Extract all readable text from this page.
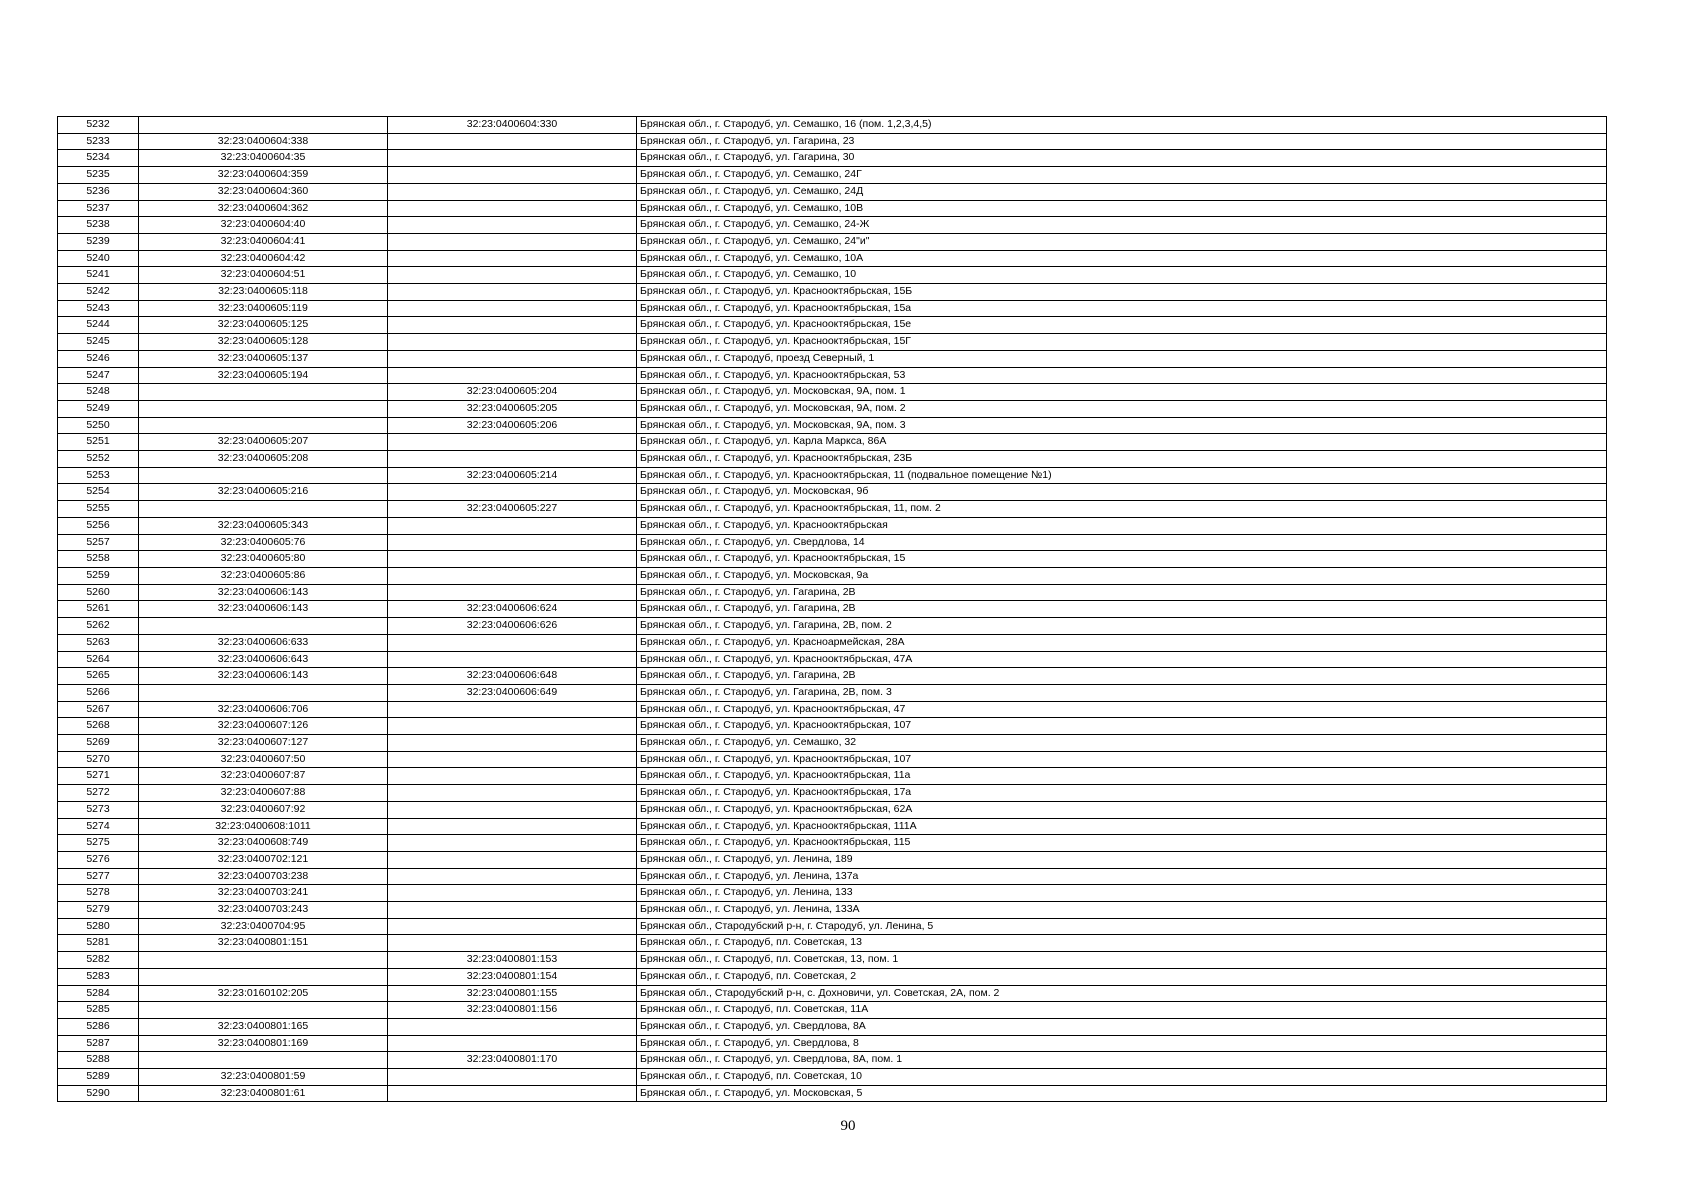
5232		32:23:0400604:330	Брянская обл., г. Стародуб, ул. Семашко, 16 (пом. 1,2,3,4,5)
5233	32:23:0400604:338		Брянская обл., г. Стародуб, ул. Гагарина, 23
5234	32:23:0400604:35		Брянская обл., г. Стародуб, ул. Гагарина, 30
5235	32:23:0400604:359		Брянская обл., г. Стародуб, ул. Семашко, 24Г
5236	32:23:0400604:360		Брянская обл., г. Стародуб, ул. Семашко, 24Д
5237	32:23:0400604:362		Брянская обл., г. Стародуб, ул. Семашко, 10В
5238	32:23:0400604:40		Брянская обл., г. Стародуб, ул. Семашко, 24-Ж
5239	32:23:0400604:41		Брянская обл., г. Стародуб, ул. Семашко, 24"и"
5240	32:23:0400604:42		Брянская обл., г. Стародуб, ул. Семашко, 10А
5241	32:23:0400604:51		Брянская обл., г. Стародуб, ул. Семашко, 10
5242	32:23:0400605:118		Брянская обл., г. Стародуб, ул. Краснооктябрьская, 15Б
5243	32:23:0400605:119		Брянская обл., г. Стародуб, ул. Краснооктябрьская, 15а
5244	32:23:0400605:125		Брянская обл., г. Стародуб, ул. Краснооктябрьская, 15е
5245	32:23:0400605:128		Брянская обл., г. Стародуб, ул. Краснооктябрьская, 15Г
5246	32:23:0400605:137		Брянская обл., г. Стародуб, проезд Северный, 1
5247	32:23:0400605:194		Брянская обл., г. Стародуб, ул. Краснооктябрьская, 53
5248		32:23:0400605:204	Брянская обл., г. Стародуб, ул. Московская, 9А, пом. 1
5249		32:23:0400605:205	Брянская обл., г. Стародуб, ул. Московская, 9А, пом. 2
5250		32:23:0400605:206	Брянская обл., г. Стародуб, ул. Московская, 9А, пом. 3
5251	32:23:0400605:207		Брянская обл., г. Стародуб, ул. Карла Маркса, 86А
5252	32:23:0400605:208		Брянская обл., г. Стародуб, ул. Краснооктябрьская, 23Б
5253		32:23:0400605:214	Брянская обл., г. Стародуб, ул. Краснооктябрьская, 11 (подвальное помещение №1)
5254	32:23:0400605:216		Брянская обл., г. Стародуб, ул. Московская, 9б
5255		32:23:0400605:227	Брянская обл., г. Стародуб, ул. Краснооктябрьская, 11, пом. 2
5256	32:23:0400605:343		Брянская обл., г. Стародуб, ул. Краснооктябрьская
5257	32:23:0400605:76		Брянская обл., г. Стародуб, ул. Свердлова, 14
5258	32:23:0400605:80		Брянская обл., г. Стародуб, ул. Краснооктябрьская, 15
5259	32:23:0400605:86		Брянская обл., г. Стародуб, ул. Московская, 9а
5260	32:23:0400606:143		Брянская обл., г. Стародуб, ул. Гагарина, 2В
5261	32:23:0400606:143	32:23:0400606:624	Брянская обл., г. Стародуб, ул. Гагарина, 2В
5262		32:23:0400606:626	Брянская обл., г. Стародуб, ул. Гагарина, 2В, пом. 2
5263	32:23:0400606:633		Брянская обл., г. Стародуб, ул. Красноармейская, 28А
5264	32:23:0400606:643		Брянская обл., г. Стародуб, ул. Краснооктябрьская, 47А
5265	32:23:0400606:143	32:23:0400606:648	Брянская обл., г. Стародуб, ул. Гагарина, 2В
5266		32:23:0400606:649	Брянская обл., г. Стародуб, ул. Гагарина, 2В, пом. 3
5267	32:23:0400606:706		Брянская обл., г. Стародуб, ул. Краснооктябрьская, 47
5268	32:23:0400607:126		Брянская обл., г. Стародуб, ул. Краснооктябрьская, 107
5269	32:23:0400607:127		Брянская обл., г. Стародуб, ул. Семашко, 32
5270	32:23:0400607:50		Брянская обл., г. Стародуб, ул. Краснооктябрьская, 107
5271	32:23:0400607:87		Брянская обл., г. Стародуб, ул. Краснооктябрьская, 11а
5272	32:23:0400607:88		Брянская обл., г. Стародуб, ул. Краснооктябрьская, 17а
5273	32:23:0400607:92		Брянская обл., г. Стародуб, ул. Краснооктябрьская, 62А
5274	32:23:0400608:1011		Брянская обл., г. Стародуб, ул. Краснооктябрьская, 111А
5275	32:23:0400608:749		Брянская обл., г. Стародуб, ул. Краснооктябрьская, 115
5276	32:23:0400702:121		Брянская обл., г. Стародуб, ул. Ленина, 189
5277	32:23:0400703:238		Брянская обл., г. Стародуб, ул. Ленина, 137а
5278	32:23:0400703:241		Брянская обл., г. Стародуб, ул. Ленина, 133
5279	32:23:0400703:243		Брянская обл., г. Стародуб, ул. Ленина, 133А
5280	32:23:0400704:95		Брянская обл., Стародубский р-н, г. Стародуб, ул. Ленина, 5
5281	32:23:0400801:151		Брянская обл., г. Стародуб, пл. Советская, 13
5282		32:23:0400801:153	Брянская обл., г. Стародуб, пл. Советская, 13, пом. 1
5283		32:23:0400801:154	Брянская обл., г. Стародуб, пл. Советская, 2
5284	32:23:0160102:205	32:23:0400801:155	Брянская обл., Стародубский р-н, с. Дохновичи, ул. Советская, 2А, пом. 2
5285		32:23:0400801:156	Брянская обл., г. Стародуб, пл. Советская, 11А
5286	32:23:0400801:165		Брянская обл., г. Стародуб, ул. Свердлова, 8А
5287	32:23:0400801:169		Брянская обл., г. Стародуб, ул. Свердлова, 8
5288		32:23:0400801:170	Брянская обл., г. Стародуб, ул. Свердлова, 8А, пом. 1
5289	32:23:0400801:59		Брянская обл., г. Стародуб, пл. Советская, 10
5290	32:23:0400801:61		Брянская обл., г. Стародуб, ул. Московская, 5
90
